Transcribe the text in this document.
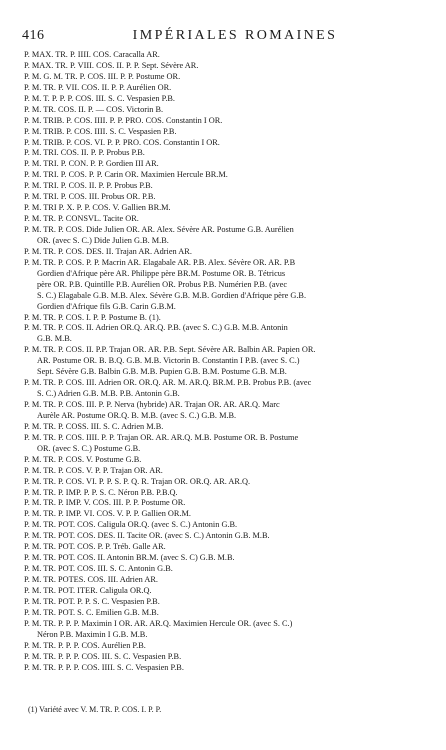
416	IMPÉRIALES ROMAINES
P. MAX. TR. P. IIII. COS. Caracalla AR.
P. MAX. TR. P. VIII. COS. II. P. P. Sept. Sévère AR.
P. M. G. M. TR. P. COS. III. P. P. Postume OR.
P. M. TR. P. VII. COS. II. P. P. Aurélien OR.
P. M. T. P. P. P. COS. III. S. C. Vespasien P.B.
P. M. TR. COS. II. P. — COS. Victorin B.
P. M. TRIB. P. COS. IIII. P. P. PRO. COS. Constantin I OR.
P. M. TRIB. P. COS. IIII. S. C. Vespasien P.B.
P. M. TRIB. P. COS. VI. P. P. PRO. COS. Constantin I OR.
P. M. TRI. COS. II. P. P. Probus P.B.
P. M. TRI. P. CON. P. P. Gordien III AR.
P. M. TRI. P. COS. P. P. Carin OR. Maximien Hercule BR.M.
P. M. TRI. P. COS. II. P. P. Probus P.B.
P. M. TRI. P. COS. III. Probus OR. P.B.
P. M. TRI P. X. P. P. COS. V. Gallien BR.M.
P. M. TR. P. CONSVL. Tacite OR.
P. M. TR. P. COS. Dide Julien OR. AR. Alex. Sévère AR. Postume G.B. Aurélien
OR. (avec S. C.) Dide Julien G.B. M.B.
P. M. TR. P. COS. DES. II. Trajan AR. Adrien AR.
P. M. TR. P. COS. P. P. Macrin AR. Elagabale AR. P.B. Alex. Sévère OR. AR. P.B
Gordien d'Afrique père AR. Philippe père BR.M. Postume OR. B. Tétricus
père OR. P.B. Quintille P.B. Aurélien OR. Probus P.B. Numérien P.B. (avec
S. C.) Elagabale G.B. M.B. Alex. Sévère G.B. M.B. Gordien d'Afrique père G.B.
Gordien d'Afrique fils G.B. Carin G.B.M.
P. M. TR. P. COS. I. P. P. Postume B. (1).
P. M. TR. P. COS. II. Adrien OR.Q. AR.Q. P.B. (avec S. C.) G.B. M.B. Antonin
G.B. M.B.
P. M. TR. P. COS. II. P.P. Trajan OR. AR. P.B. Sept. Sévère AR. Balbin AR. Papien OR.
AR. Postume OR. B. B.Q. G.B. M.B. Victorin B. Constantin I P.B. (avec S. C.)
Sept. Sévère G.B. Balbin G.B. M.B. Pupien G.B. B.M. Postume G.B. M.B.
P. M. TR. P. COS. III. Adrien OR. OR.Q. AR. M. AR.Q. BR.M. P.B. Probus P.B. (avec
S. C.) Adrien G.B. M.B. P.B. Antonin G.B.
P. M. TR. P. COS. III. P. P. Nerva (hybride) AR. Trajan OR. AR. AR.Q. Marc
Aurèle AR. Postume OR.Q. B. M.B. (avec S. C.) G.B. M.B.
P. M. TR. P. COSS. III. S. C. Adrien M.B.
P. M. TR. P. COS. IIII. P. P. Trajan OR. AR. AR.Q. M.B. Postume OR. B. Postume
OR. (avec S. C.) Postume G.B.
P. M. TR. P. COS. V. Postume G.B.
P. M. TR. P. COS. V. P. P. Trajan OR. AR.
P. M. TR. P. COS. VI. P. P. S. P. Q. R. Trajan OR. OR.Q. AR. AR.Q.
P. M. TR. P. IMP. P. P. S. C. Néron P.B. P.B.Q.
P. M. TR. P. IMP. V. COS. III. P. P. Postume OR.
P. M. TR. P. IMP. VI. COS. V. P. P. Gallien OR.M.
P. M. TR. POT. COS. Caligula OR.Q. (avec S. C.) Antonin G.B.
P. M. TR. POT. COS. DES. II. Tacite OR. (avec S. C.) Antonin G.B. M.B.
P. M. TR. POT. COS. P. P. Tréb. Galle AR.
P. M. TR. POT. COS. II. Antonin BR.M. (avec S. C) G.B. M.B.
P. M. TR. POT. COS. III. S. C. Antonin G.B.
P. M. TR. POTES. COS. III. Adrien AR.
P. M. TR. POT. ITER. Caligula OR.Q.
P. M. TR. POT. P. P. S. C. Vespasien P.B.
P. M. TR. POT. S. C. Emilien G.B. M.B.
P. M. TR. P. P. P. Maximin I OR. AR. AR.Q. Maximien Hercule OR. (avec S. C.)
Néron P.B. Maximin I G.B. M.B.
P. M. TR. P. P. P. COS. Aurélien P.B.
P. M. TR. P. P. P. COS. III. S. C. Vespasien P.B.
P. M. TR. P. P. P. COS. IIII. S. C. Vespasien P.B.
(1) Variété avec V. M. TR. P. COS. I. P. P.
